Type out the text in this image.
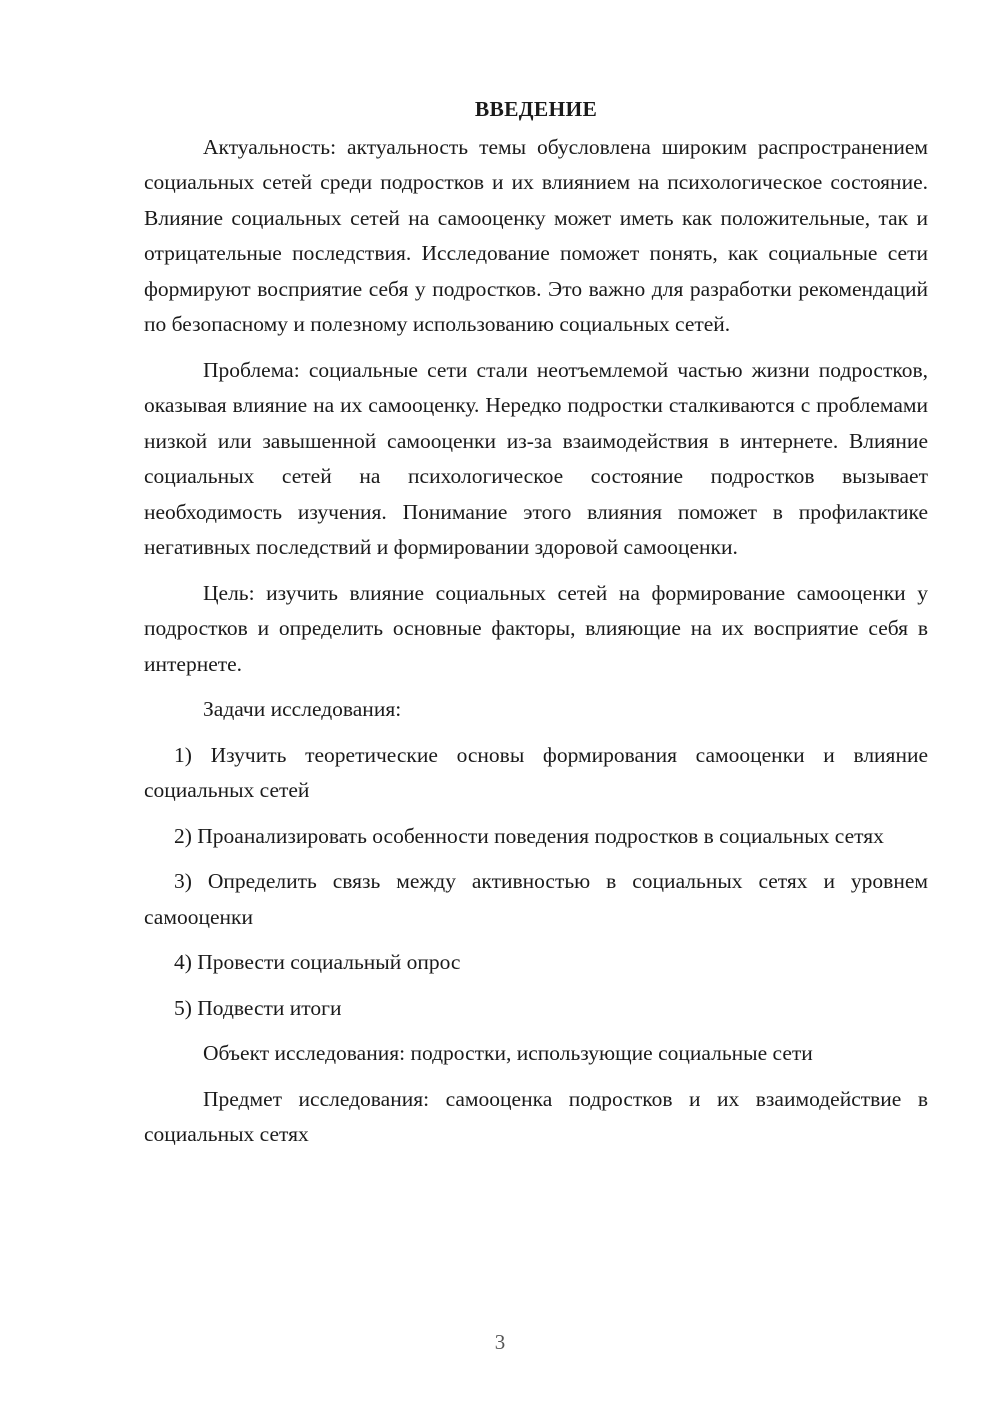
ВВЕДЕНИЕ

Актуальность: актуальность темы обусловлена широким распространением социальных сетей среди подростков и их влиянием на психологическое состояние. Влияние социальных сетей на самооценку может иметь как положительные, так и отрицательные последствия. Исследование поможет понять, как социальные сети формируют восприятие себя у подростков. Это важно для разработки рекомендаций по безопасному и полезному использованию социальных сетей.

Проблема: социальные сети стали неотъемлемой частью жизни подростков, оказывая влияние на их самооценку. Нередко подростки сталкиваются с проблемами низкой или завышенной самооценки из-за взаимодействия в интернете. Влияние социальных сетей на психологическое состояние подростков вызывает необходимость изучения. Понимание этого влияния поможет в профилактике негативных последствий и формировании здоровой самооценки.

Цель: изучить влияние социальных сетей на формирование самооценки у подростков и определить основные факторы, влияющие на их восприятие себя в интернете.

Задачи исследования:

1) Изучить теоретические основы формирования самооценки и влияние социальных сетей

2) Проанализировать особенности поведения подростков в социальных сетях

3) Определить связь между активностью в социальных сетях и уровнем самооценки

4) Провести социальный опрос

5) Подвести итоги

Объект исследования: подростки, использующие социальные сети

Предмет исследования: самооценка подростков и их взаимодействие в социальных сетях

3
